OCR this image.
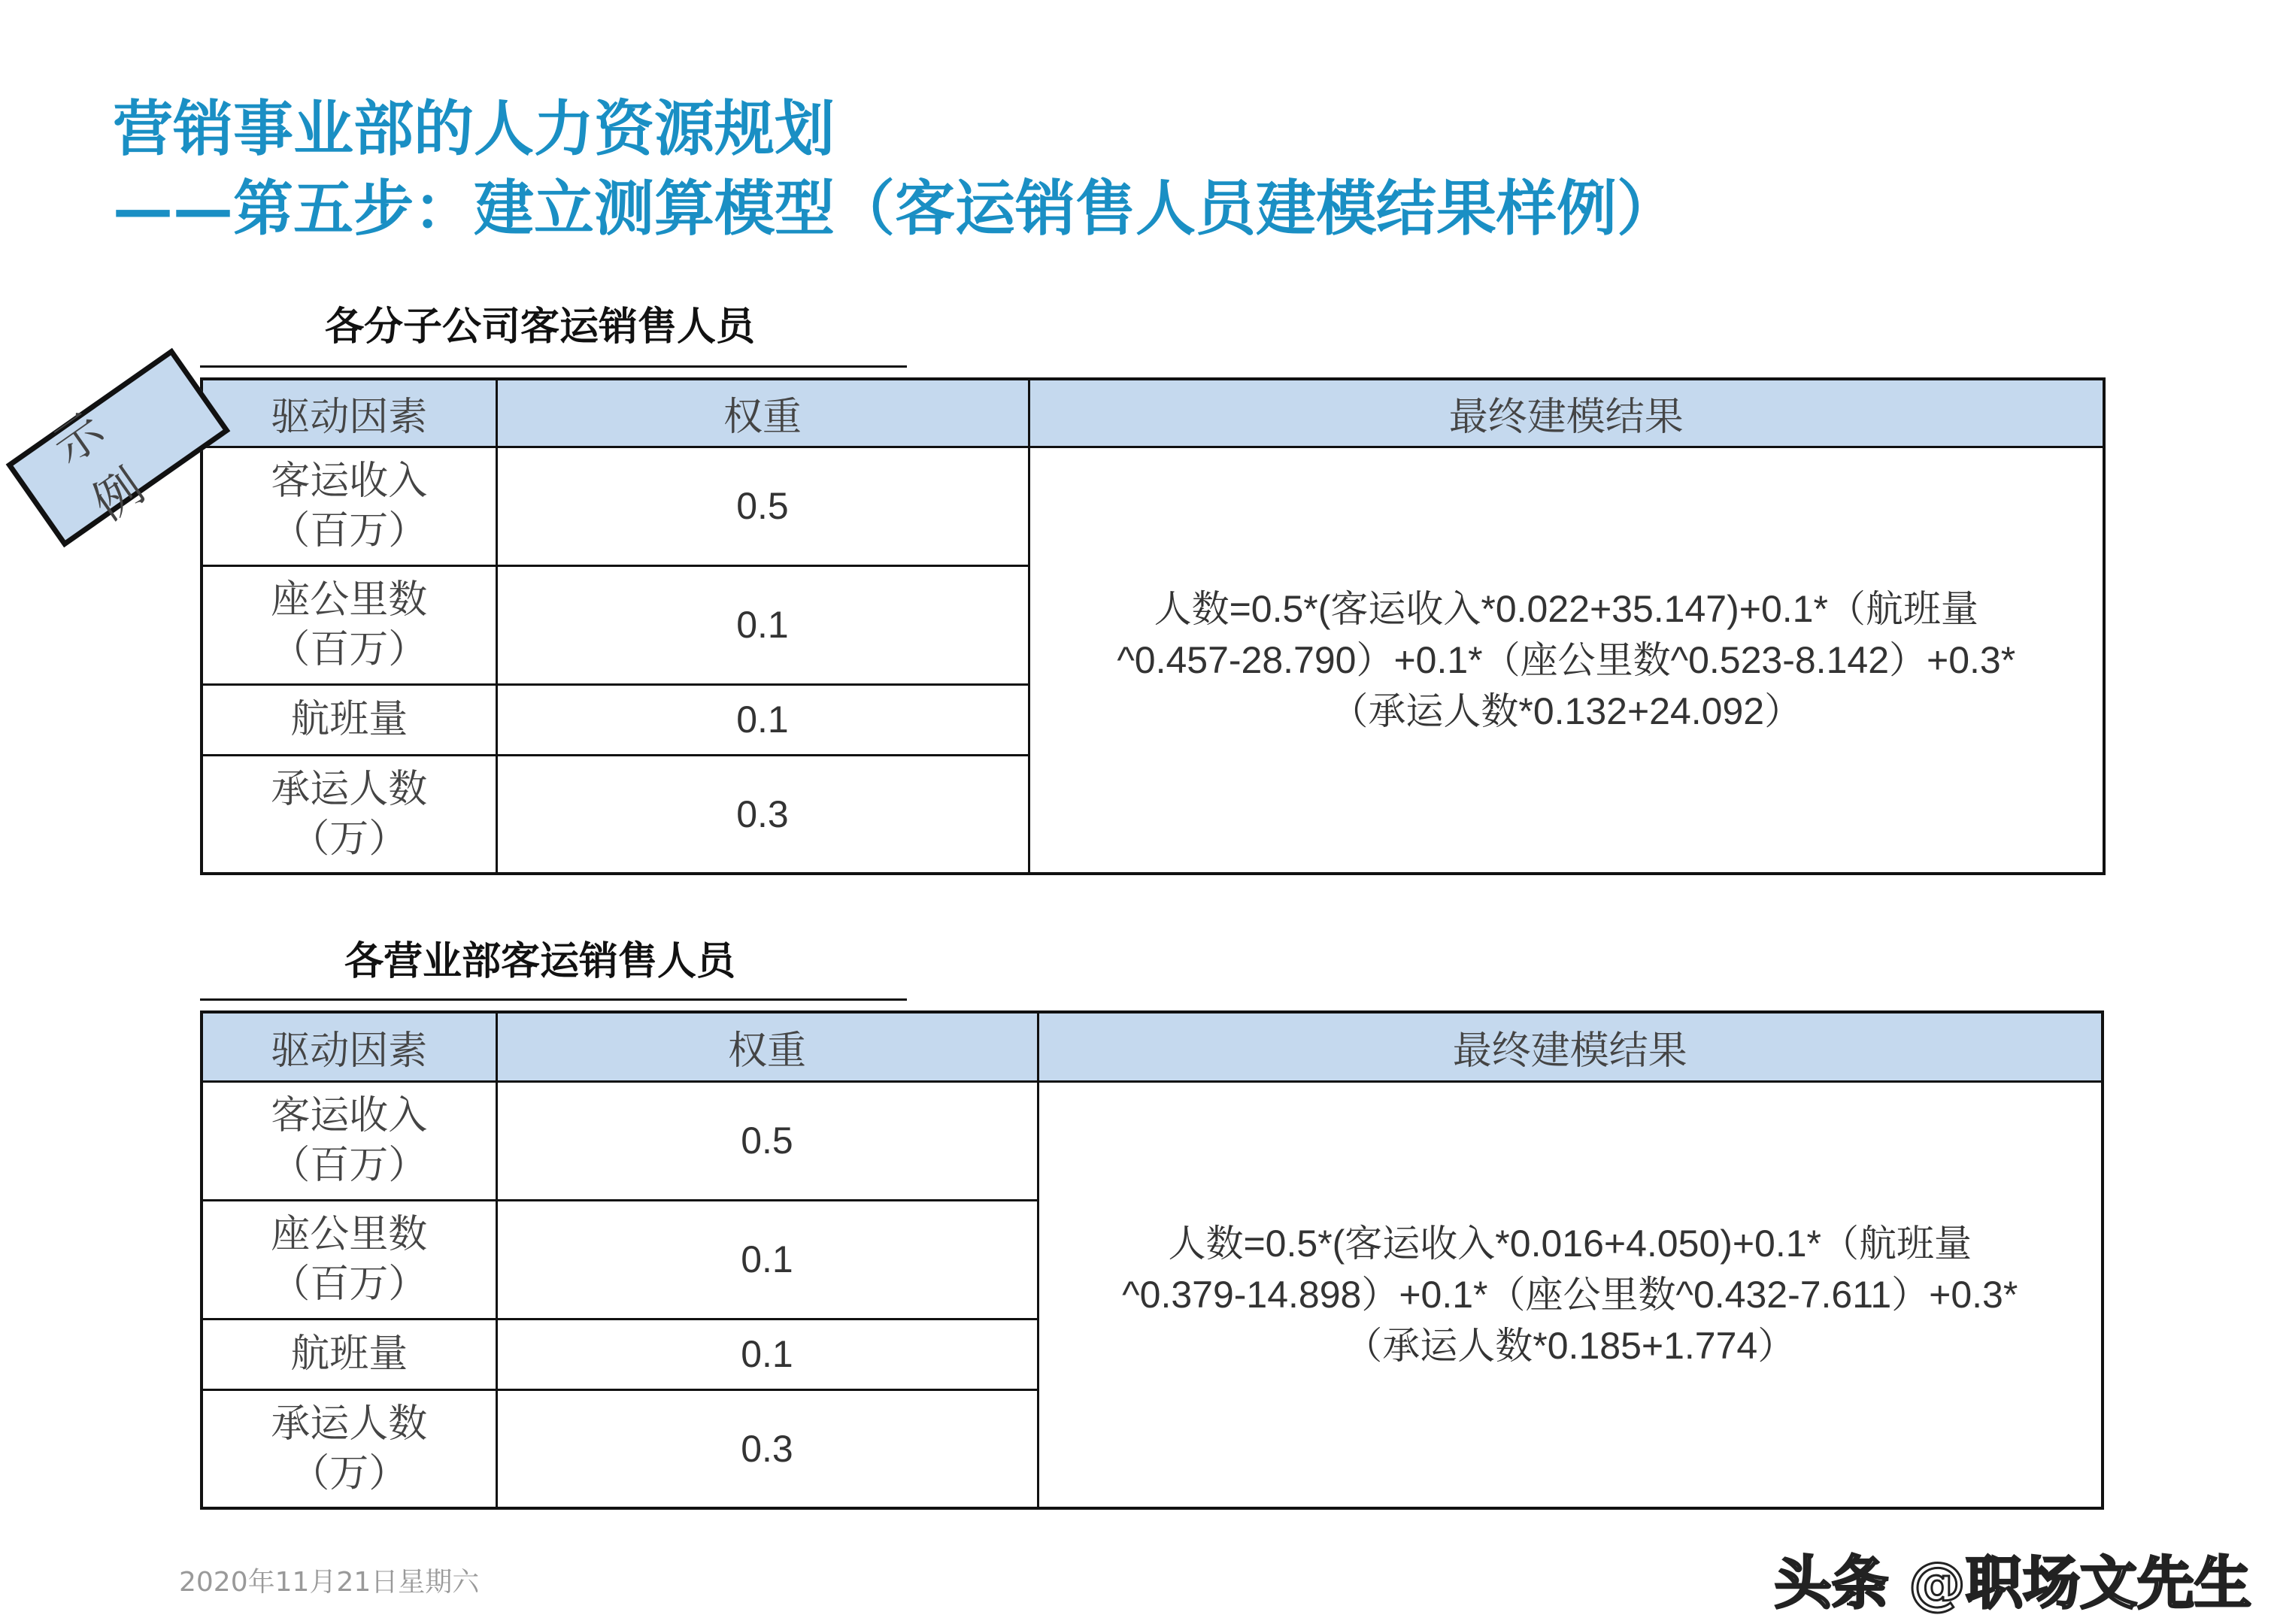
营销事业部的人力资源规划
——第五步：建立测算模型（客运销售人员建模结果样例）
各分子公司客运销售人员
驱动因素	权重	最终建模结果

客运收入
（百万）	0.5	人数=0.5*(客运收入*0.022+35.147)+0.1*（航班量
^0.457-28.790）+0.1*（座公里数^0.523-8.142）+0.3*
（承运人数*0.132+24.092）

座公里数
（百万）	0.1	

航班量	0.1	

承运人数
（万）	0.3	
示例
各营业部客运销售人员
驱动因素	权重	最终建模结果

客运收入
（百万）	0.5	人数=0.5*(客运收入*0.016+4.050)+0.1*（航班量
^0.379-14.898）+0.1*（座公里数^0.432-7.611）+0.3*
（承运人数*0.185+1.774）

座公里数
（百万）	0.1	

航班量	0.1	

承运人数
（万）	0.3	
2020年11月21日星期六	头条 @职场文先生
